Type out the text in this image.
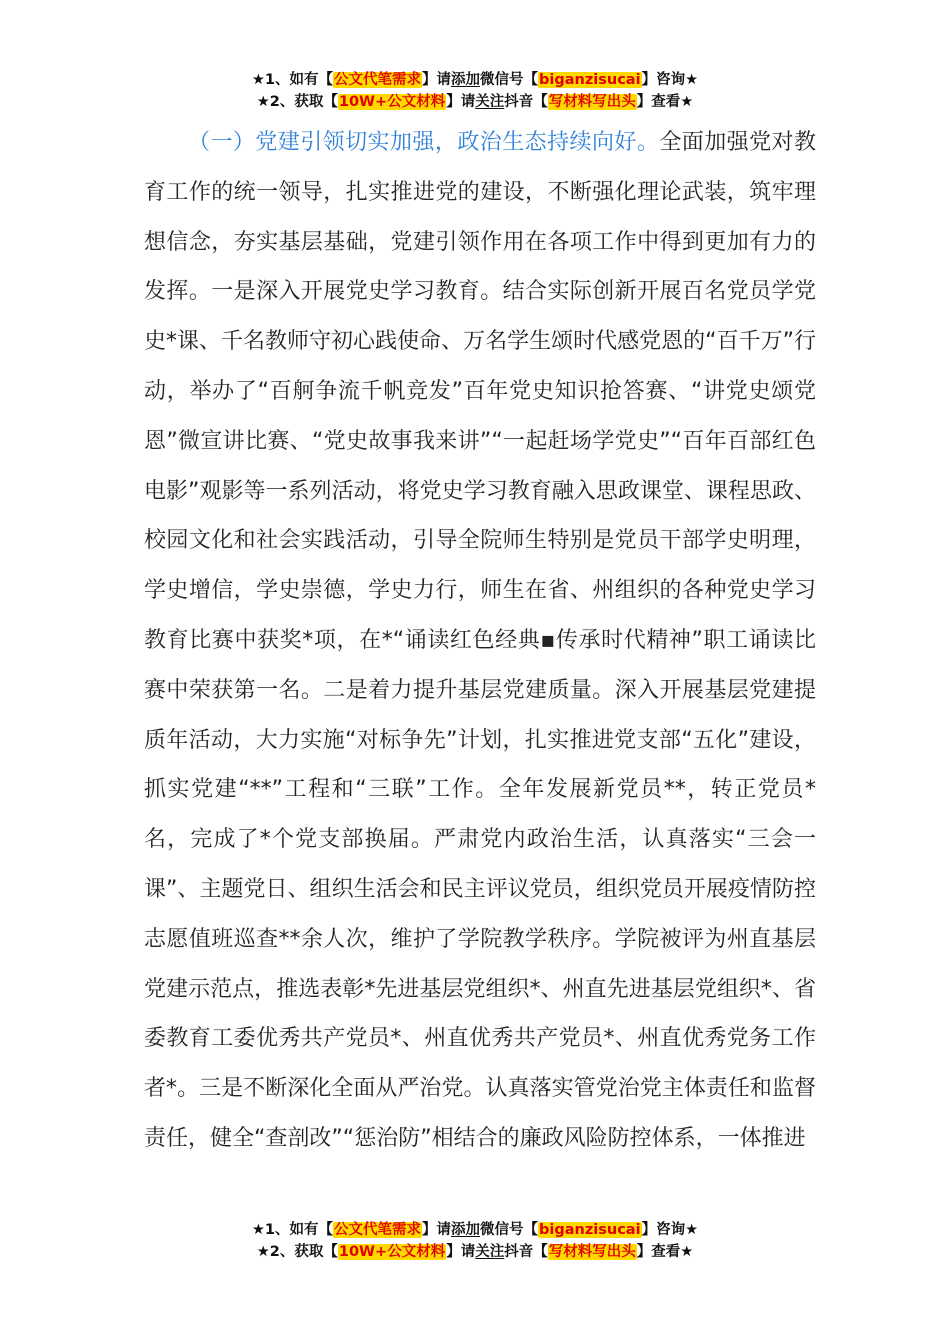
★1、如有【公文代笔需求】请添加微信号【biganzisucai】咨询★
★2、获取【10W+公文材料】请关注抖音【写材料写出头】查看★

（一）党建引领切实加强，政治生态持续向好。全面加强党对教育工作的统一领导，扎实推进党的建设，不断强化理论武装，筑牢理想信念，夯实基层基础，党建引领作用在各项工作中得到更加有力的发挥。一是深入开展党史学习教育。结合实际创新开展百名党员学党史*课、千名教师守初心践使命、万名学生颂时代感党恩的“百千万”行动，举办了“百舸争流千帆竞发”百年党史知识抢答赛、“讲党史颂党恩”微宣讲比赛、“党史故事我来讲”“一起赶场学党史”“百年百部红色电影”观影等一系列活动，将党史学习教育融入思政课堂、课程思政、校园文化和社会实践活动，引导全院师生特别是党员干部学史明理，学史增信，学史崇德，学史力行，师生在省、州组织的各种党史学习教育比赛中获奖*项，在*“诵读红色经典▪传承时代精神”职工诵读比赛中荣获第一名。二是着力提升基层党建质量。深入开展基层党建提质年活动，大力实施“对标争先”计划，扎实推进党支部“五化”建设，抓实党建“**”工程和“三联”工作。全年发展新党员**，转正党员*名，完成了*个党支部换届。严肃党内政治生活，认真落实“三会一课”、主题党日、组织生活会和民主评议党员，组织党员开展疫情防控志愿值班巡查**余人次，维护了学院教学秩序。学院被评为州直基层党建示范点，推选表彰*先进基层党组织*、州直先进基层党组织*、省委教育工委优秀共产党员*、州直优秀共产党员*、州直优秀党务工作者*。三是不断深化全面从严治党。认真落实管党治党主体责任和监督责任，健全“查剖改”“惩治防”相结合的廉政风险防控体系，一体推进

★1、如有【公文代笔需求】请添加微信号【biganzisucai】咨询★
★2、获取【10W+公文材料】请关注抖音【写材料写出头】查看★
